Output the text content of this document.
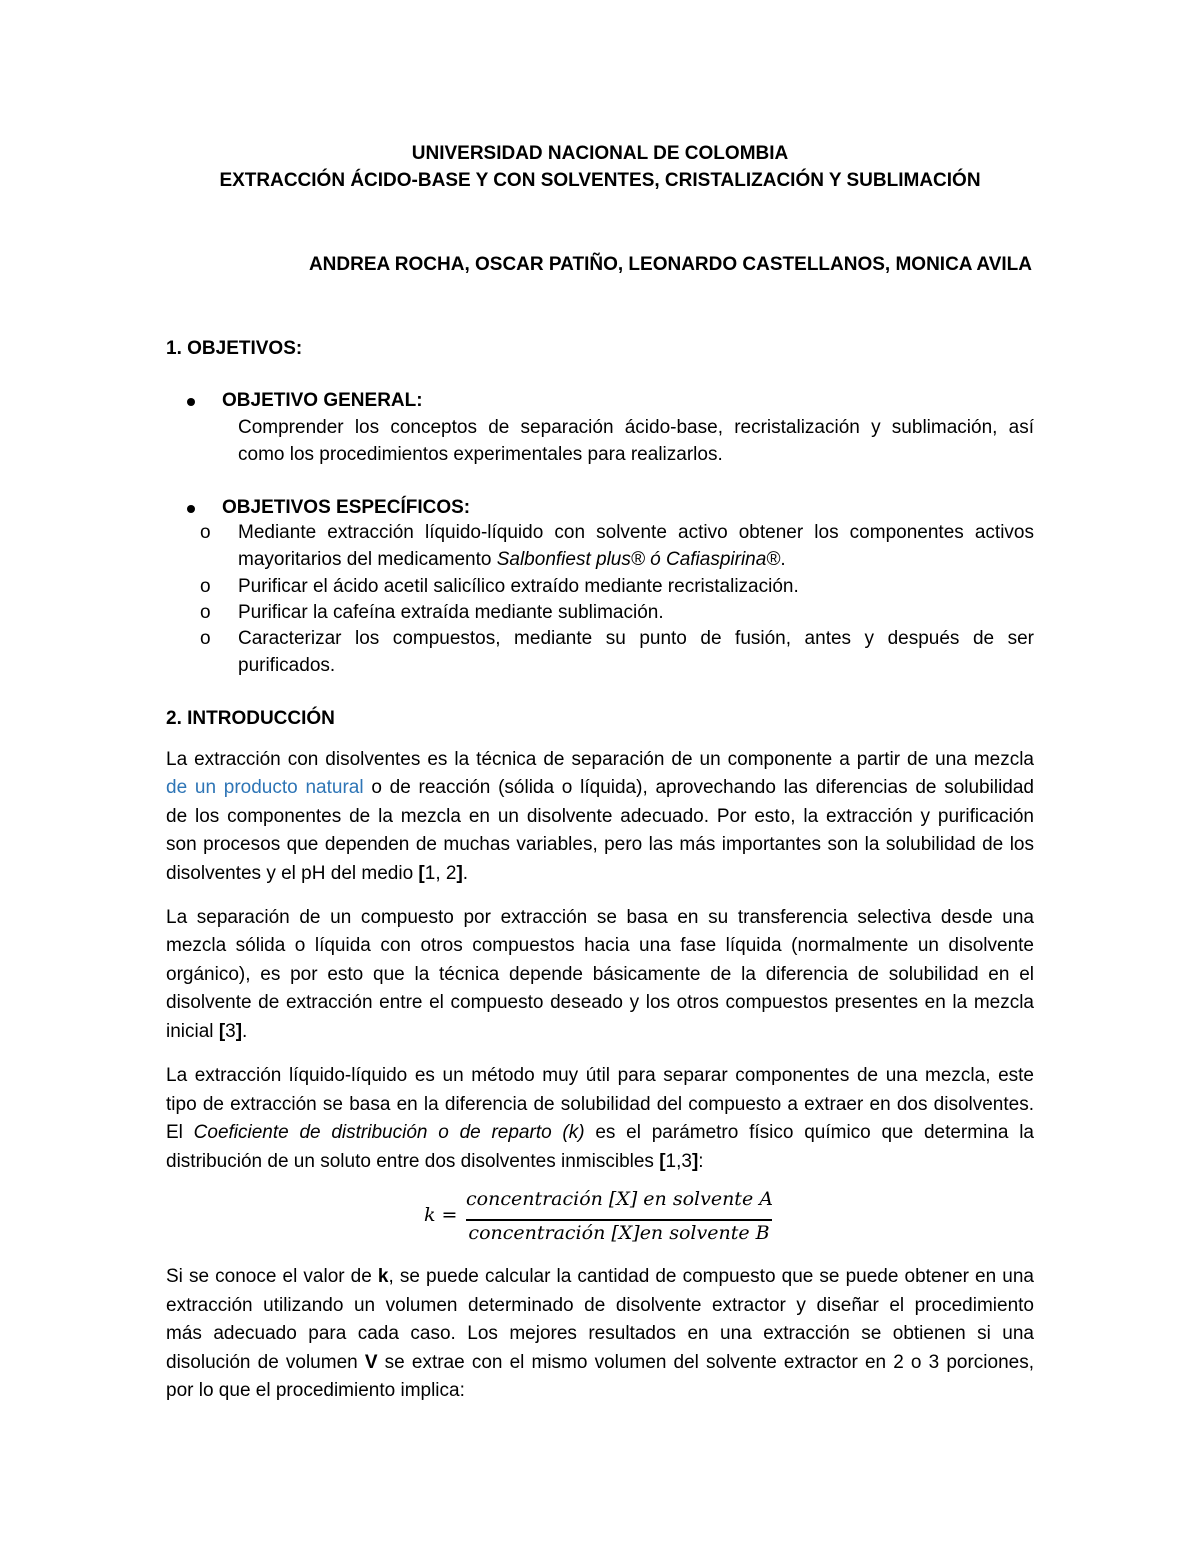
UNIVERSIDAD NACIONAL DE COLOMBIA
EXTRACCIÓN ÁCIDO-BASE Y CON SOLVENTES, CRISTALIZACIÓN Y SUBLIMACIÓN
ANDREA ROCHA, OSCAR PATIÑO, LEONARDO CASTELLANOS, MONICA AVILA
1. OBJETIVOS:
OBJETIVO GENERAL:
Comprender los conceptos de separación ácido-base, recristalización y sublimación, así
como los procedimientos experimentales para realizarlos.
OBJETIVOS ESPECÍFICOS:
o Mediante extracción líquido-líquido con solvente activo obtener los componentes activos
mayoritarios del medicamento Salbonfiest plus® ó Cafiaspirina®.
o Purificar el ácido acetil salicílico extraído mediante recristalización.
o Purificar la cafeína extraída mediante sublimación.
o Caracterizar los compuestos, mediante su punto de fusión, antes y después de ser
purificados.
2. INTRODUCCIÓN
La extracción con disolventes es la técnica de separación de un componente a partir de una mezcla
de un producto natural o de reacción (sólida o líquida), aprovechando las diferencias de solubilidad
de los componentes de la mezcla en un disolvente adecuado. Por esto, la extracción y purificación
son procesos que dependen de muchas variables, pero las más importantes son la solubilidad de los
disolventes y el pH del medio [1, 2].
La separación de un compuesto por extracción se basa en su transferencia selectiva desde una
mezcla sólida o líquida con otros compuestos hacia una fase líquida (normalmente un disolvente
orgánico), es por esto que la técnica depende básicamente de la diferencia de solubilidad en el
disolvente de extracción entre el compuesto deseado y los otros compuestos presentes en la mezcla
inicial [3].
La extracción líquido-líquido es un método muy útil para separar componentes de una mezcla, este
tipo de extracción se basa en la diferencia de solubilidad del compuesto a extraer en dos disolventes.
El Coeficiente de distribución o de reparto (k) es el parámetro físico químico que determina la
distribución de un soluto entre dos disolventes inmiscibles [1,3]:
k =
concentración [X] en solvente A
concentración [X]en solvente B
Si se conoce el valor de k, se puede calcular la cantidad de compuesto que se puede obtener en una
extracción utilizando un volumen determinado de disolvente extractor y diseñar el procedimiento
más adecuado para cada caso. Los mejores resultados en una extracción se obtienen si una
disolución de volumen V se extrae con el mismo volumen del solvente extractor en 2 o 3 porciones,
por lo que el procedimiento implica:
